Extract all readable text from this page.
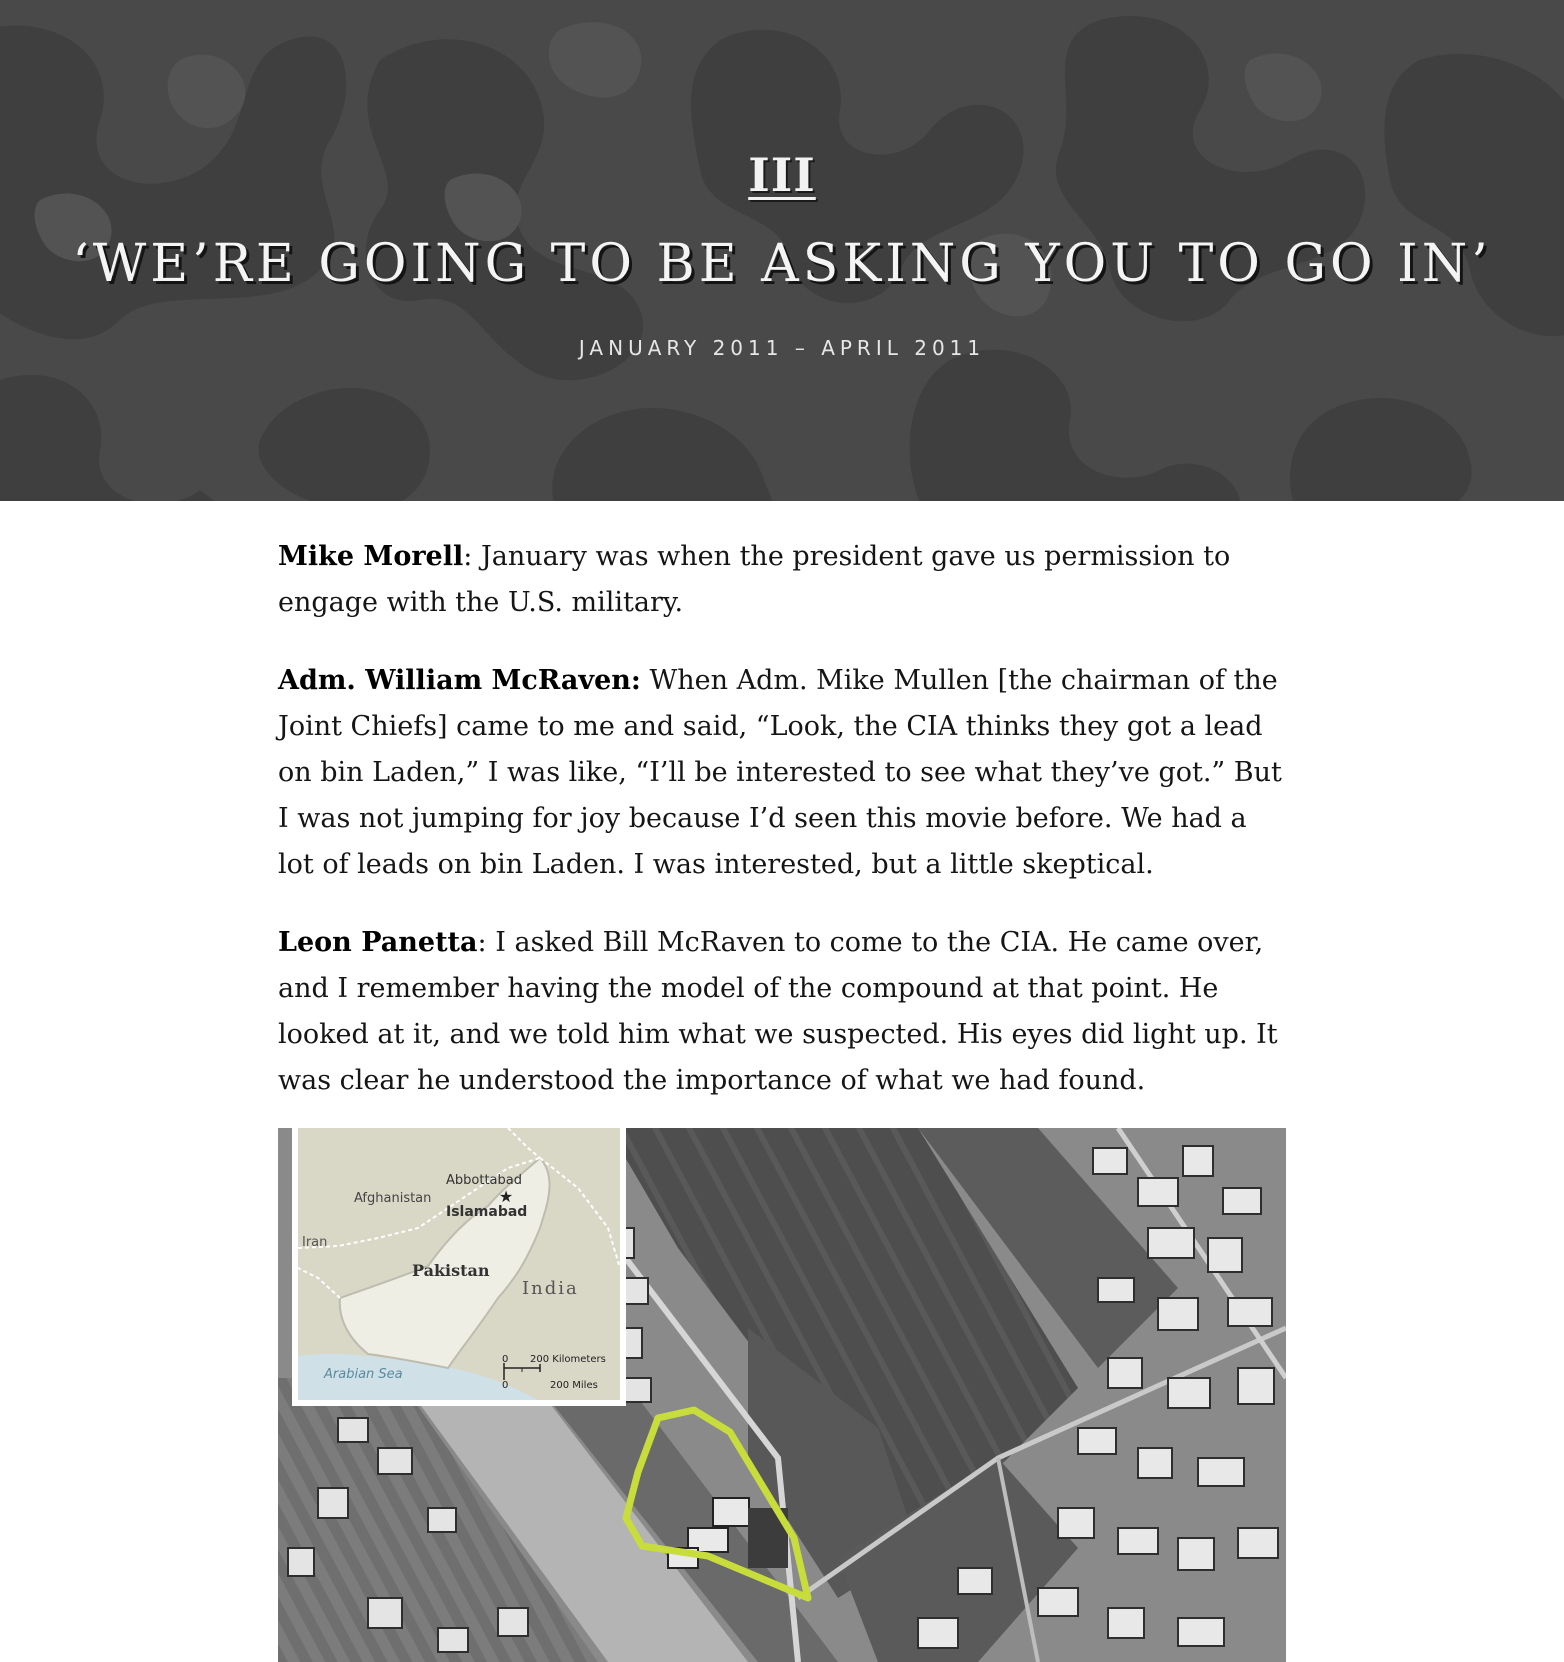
III
‘WE’RE GOING TO BE ASKING YOU TO GO IN’
JANUARY 2011 – APRIL 2011

Mike Morell: January was when the president gave us permission to engage with the U.S. military.

Adm. William McRaven: When Adm. Mike Mullen [the chairman of the Joint Chiefs] came to me and said, “Look, the CIA thinks they got a lead on bin Laden,” I was like, “I’ll be interested to see what they’ve got.” But I was not jumping for joy because I’d seen this movie before. We had a lot of leads on bin Laden. I was interested, but a little skeptical.

Leon Panetta: I asked Bill McRaven to come to the CIA. He came over, and I remember having the model of the compound at that point. He looked at it, and we told him what we suspected. His eyes did light up. It was clear he understood the importance of what we had found.

Abbottabad
★
Afghanistan
Islamabad
Iran
Pakistan
India
Arabian Sea
0 200 Kilometers
0	200 Miles
